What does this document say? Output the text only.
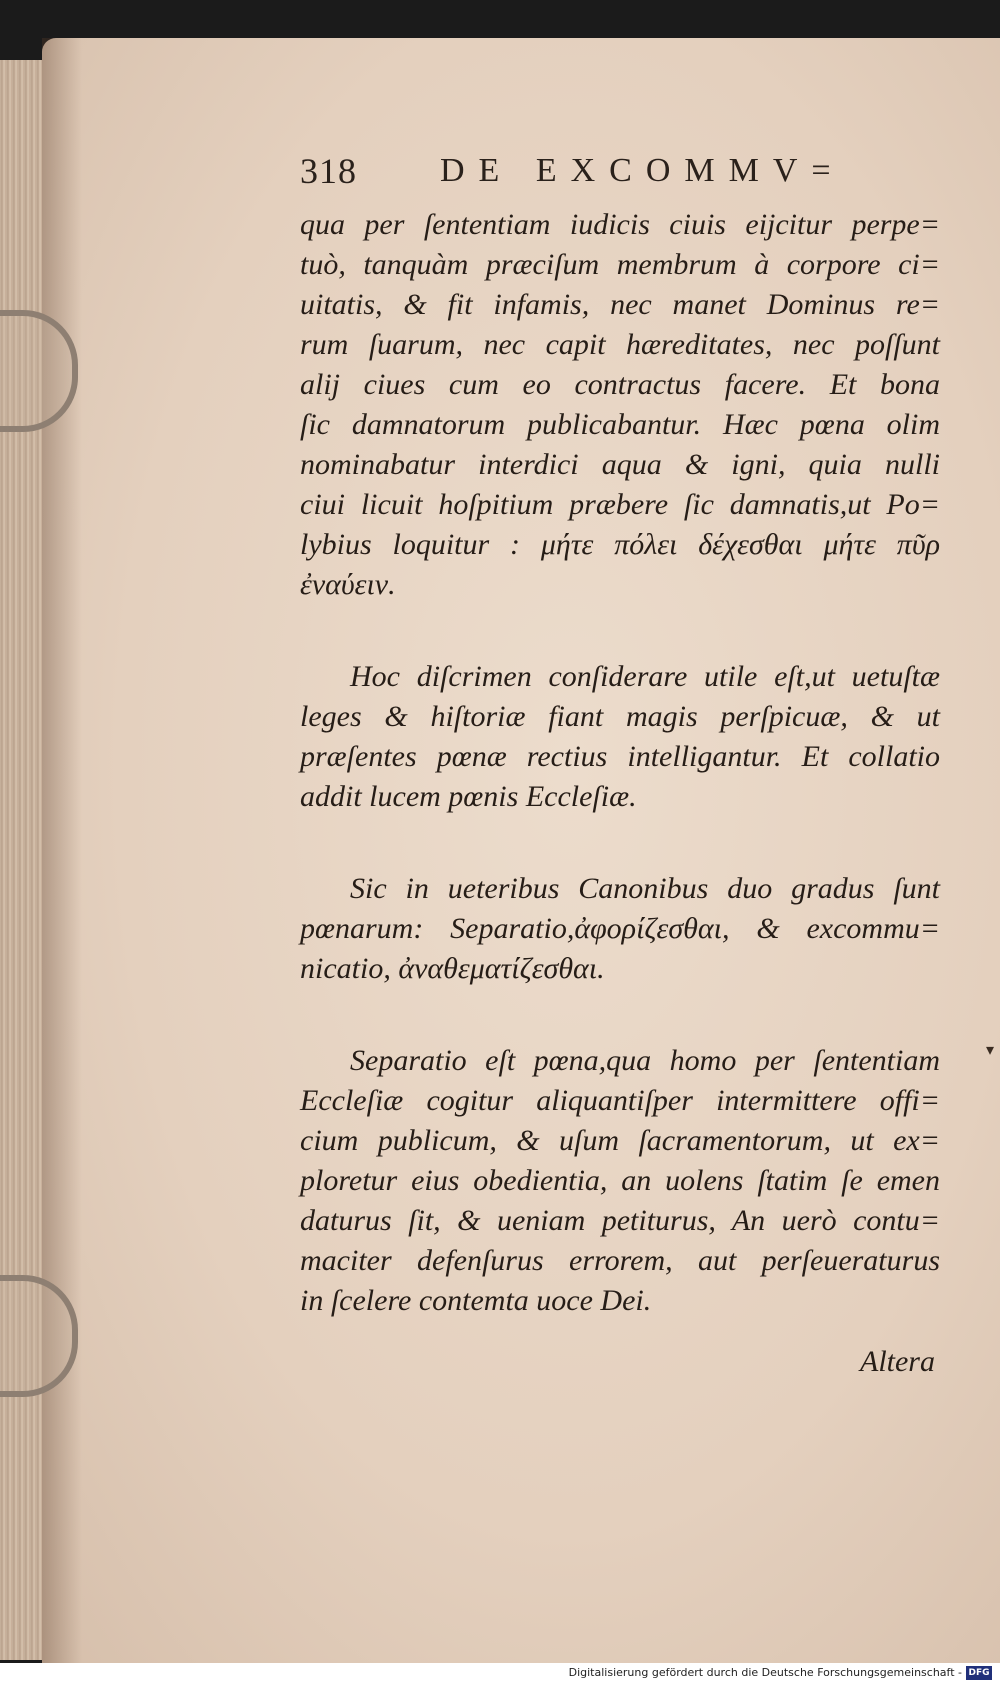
318 DE EXCOMMV=
qua per ſententiam iudicis ciuis eijcitur perpe=
tuò, tanquàm præciſum membrum à corpore ci=
uitatis, & fit infamis, nec manet Dominus re=
rum ſuarum, nec capit hæreditates, nec poſſunt
alij ciues cum eo contractus facere. Et bona
ſic damnatorum publicabantur. Hæc pœna olim
nominabatur interdici aqua & igni, quia nulli
ciui licuit hoſpitium præbere ſic damnatis,ut Po=
lybius loquitur : μήτε πόλει δέχεσθαι μήτε πῦρ
ἐναύειν.
Hoc diſcrimen conſiderare utile eſt,ut uetuſtæ
leges & hiſtoriæ fiant magis perſpicuæ, & ut
præſentes pœnæ rectius intelligantur. Et collatio
addit lucem pœnis Eccleſiæ.
Sic in ueteribus Canonibus duo gradus ſunt
pœnarum: Separatio,ἀφορίζεσθαι, & excommu=
nicatio, ἀναθεματίζεσθαι.
Separatio eſt pœna,qua homo per ſententiam
Eccleſiæ cogitur aliquantiſper intermittere offi=
cium publicum, & uſum ſacramentorum, ut ex=
ploretur eius obedientia, an uolens ſtatim ſe emen
daturus ſit, & ueniam petiturus, An uerò contu=
maciter defenſurus errorem, aut perſeueraturus
in ſcelere contemta uoce Dei.
Altera
▾
Digitalisierung gefördert durch die Deutsche Forschungsgemeinschaft - DFG
